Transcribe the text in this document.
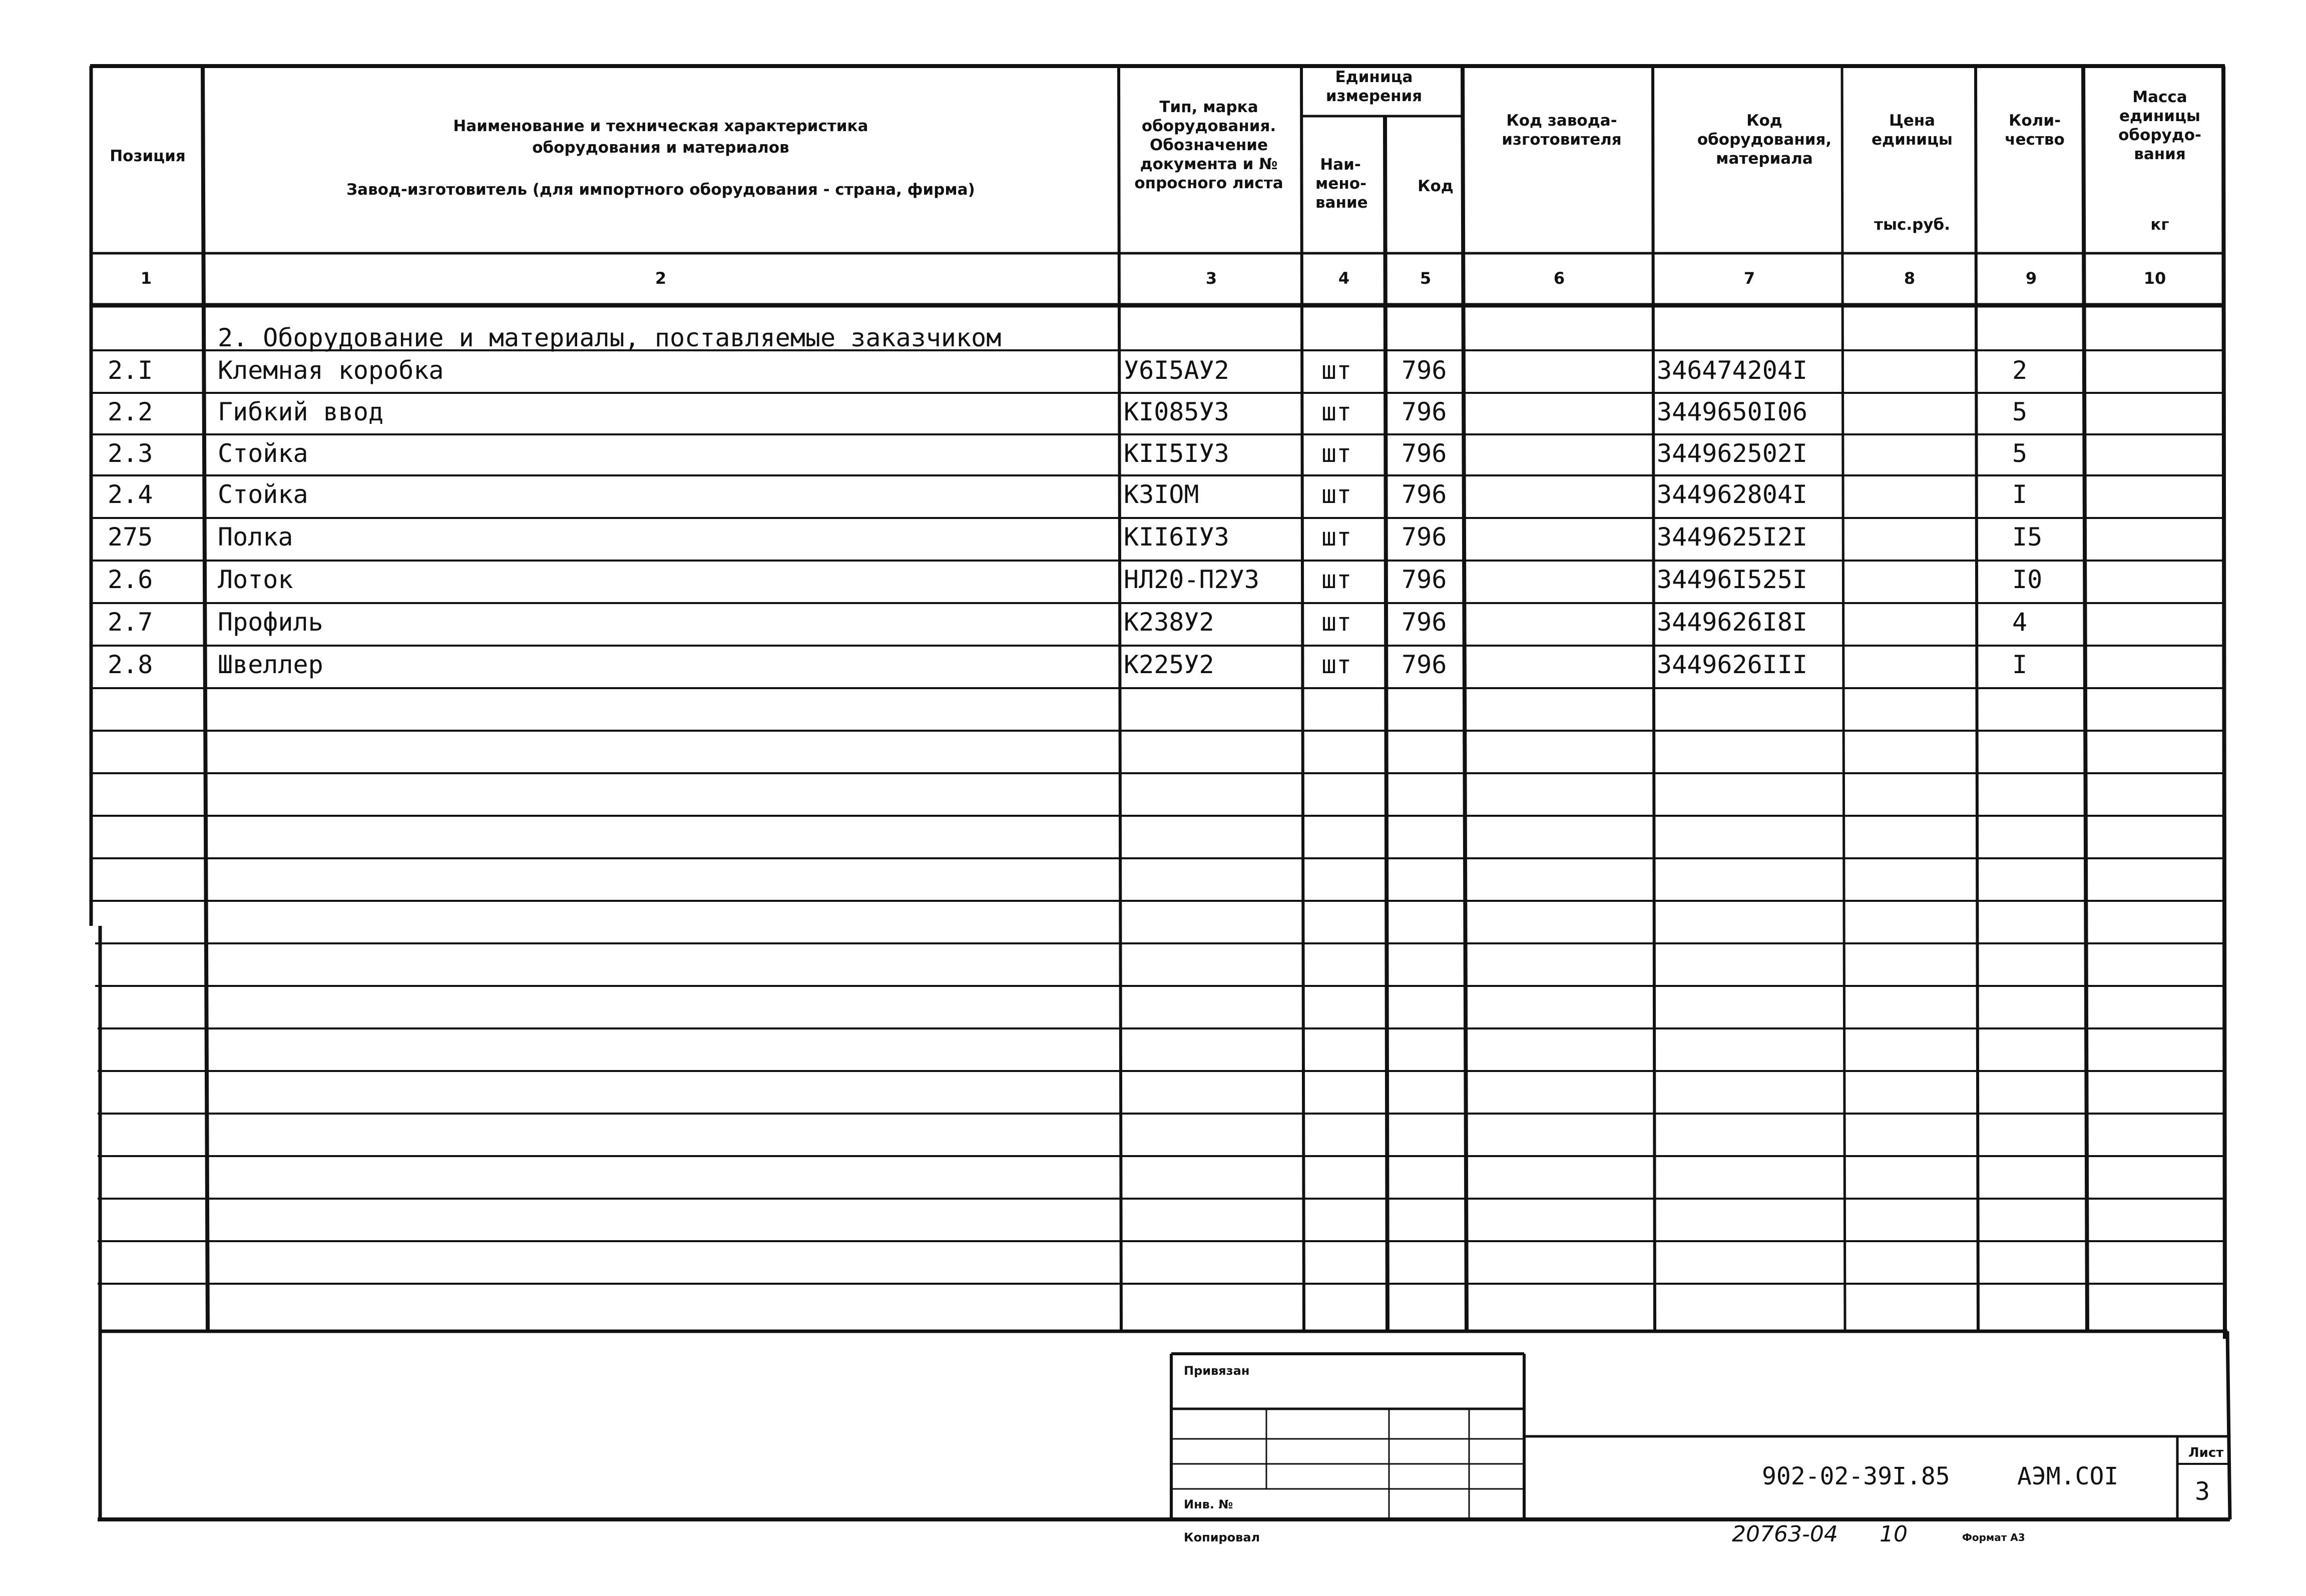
Позиция
Наименование и техническая характеристика
оборудования и материалов
Завод-изготовитель (для импортного оборудования - страна, фирма)
Тип, марка оборудования. Обозначение документа и № опросного листа
Единица измерения
Наи-мено-вание
Код
Код завода-изготовителя
Код оборудования, материала
Цена единицы
тыс.руб.
Коли-чество
Масса единицы оборудо-вания
кг
1	2	3	4	5	6	7	8	9	10
2. Оборудование и материалы, поставляемые заказчиком
2.I	Клемная коробка	У6I5АУ2	шт 796	346474204I	2
2.2	Гибкий ввод	KI085У3	шт 796	3449650I06	5
2.3	Стойка	KII5IУ3	шт 796	344962502I	5
2.4	Стойка	K3IОМ	шт 796	344962804I	I
275	Полка	KII6IУ3	шт 796	3449625I2I	I5
2.6	Лоток	НЛ20-П2У3 шт 796	34496I525I	I0
2.7	Профиль	K238У2	шт 796	3449626I8I	4
2.8	Швеллер	K225У2	шт 796	3449626III	I
Привязан
Инв. №
902-02-39I.85	АЭМ.СОI
Лист
3
Копировал	20763-04 10	Формат А3
